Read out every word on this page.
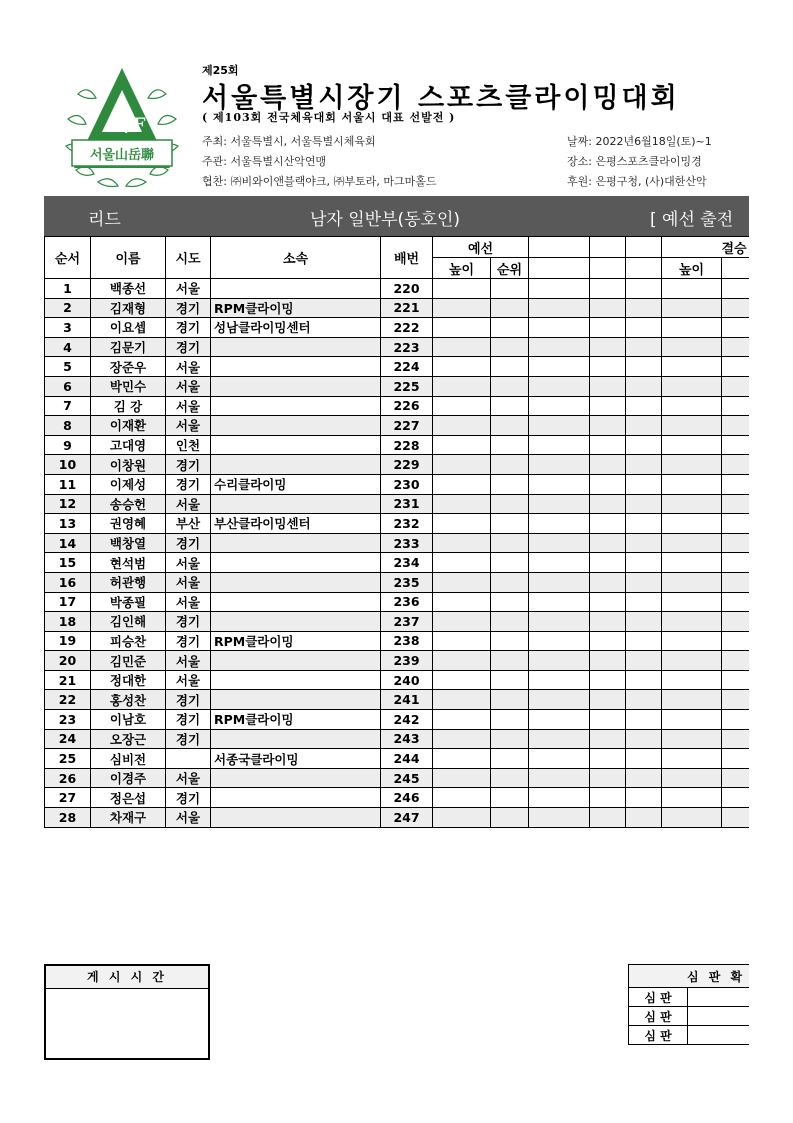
K/F
서울山岳聯
제25회
서울특별시장기 스포츠클라이밍대회
( 제103회 전국체육대회 서울시 대표 선발전 )
주최: 서울특별시, 서울특별시체육회
주관: 서울특별시산악연맹
협찬: ㈜비와이앤블랙야크, ㈜부토라, 마그마홀드
날짜: 2022년6월18일(토)~1
장소: 은평스포츠클라이밍경
후원: 은평구청, (사)대한산악
리드	남자 일반부(동호인)	[ 예선 출전
순서	이름	시도	소속	배번	예선					결승	
					높이	순위				높이	
1	백종선	서울		220							
2	김재형	경기	RPM클라이밍	221							
3	이요셉	경기	성남클라이밍센터	222							
4	김문기	경기		223							
5	장준우	서울		224							
6	박민수	서울		225							
7	김 강	서울		226							
8	이재환	서울		227							
9	고대영	인천		228							
10	이창원	경기		229							
11	이제성	경기	수리클라이밍	230							
12	송승헌	서울		231							
13	권영혜	부산	부산클라이밍센터	232							
14	백창열	경기		233							
15	현석범	서울		234							
16	허관행	서울		235							
17	박종필	서울		236							
18	김인해	경기		237							
19	피승찬	경기	RPM클라이밍	238							
20	김민준	서울		239							
21	정대한	서울		240							
22	홍성찬	경기		241							
23	이남호	경기	RPM클라이밍	242							
24	오장근	경기		243							
25	심비전		서종국클라이밍	244							
26	이경주	서울		245							
27	정은섭	경기		246							
28	차재구	서울		247							
게 시 시 간	심 판 확	
심 판	
심 판	
심 판	
